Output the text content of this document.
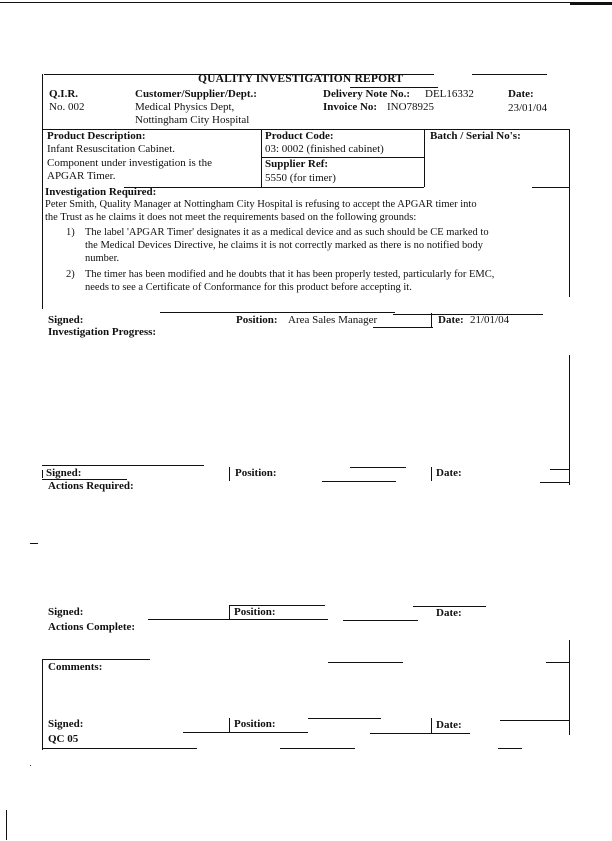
QUALITY INVESTIGATION REPORT
Q.I.R.
No. 002
Customer/Supplier/Dept.:
Medical Physics Dept,
Nottingham City Hospital
Delivery Note No.: DEL16332
Invoice No: INO78925
Date:
23/01/04
Product Description:
Infant Resuscitation Cabinet.
Component under investigation is the
APGAR Timer.
Product Code:
03: 0002 (finished cabinet)
Supplier Ref:
5550 (for timer)
Batch / Serial No's:
Investigation Required:
Peter Smith, Quality Manager at Nottingham City Hospital is refusing to accept the APGAR timer into
the Trust as he claims it does not meet the requirements based on the following grounds:
1) The label 'APGAR Timer' designates it as a medical device and as such should be CE marked to
the Medical Devices Directive, he claims it is not correctly marked as there is no notified body
number.
2) The timer has been modified and he doubts that it has been properly tested, particularly for EMC,
needs to see a Certificate of Conformance for this product before accepting it.
Signed:	Position: Area Sales Manager	Date: 21/01/04
Investigation Progress:
Signed:	Position:	Date:
Actions Required:
Signed:	Position:	Date:
Actions Complete:
Comments:
Signed:	Position:	Date:
QC 05
